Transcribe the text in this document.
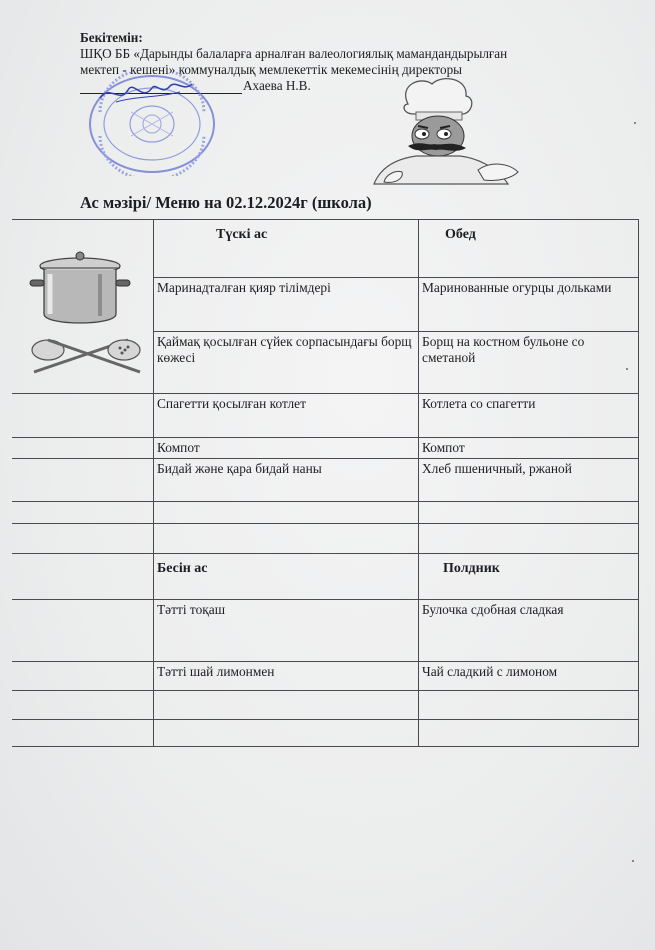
Бекітемін:
ШҚО ББ «Дарынды балаларға арналған валеологиялық мамандандырылған
мектеп - кешені» коммуналдық мемлекеттік мекемесінің директоры
Ахаева Н.В.
Ас мәзірі/ Меню на 02.12.2024г (школа)
	Түскі ас	Обед
	Маринадталған қияр тілімдері	Маринованные огурцы дольками
	Қаймақ қосылған сүйек сорпасындағы борщ көжесі	Борщ на костном бульоне со сметаной
	Спагетти қосылған котлет	Котлета со спагетти
	Компот	Компот
	Бидай және қара бидай наны	Хлеб пшеничный, ржаной

	Бесін ас	Полдник
	Тәтті тоқаш	Булочка сдобная сладкая
	Тәтті шай лимонмен	Чай сладкий с лимоном
